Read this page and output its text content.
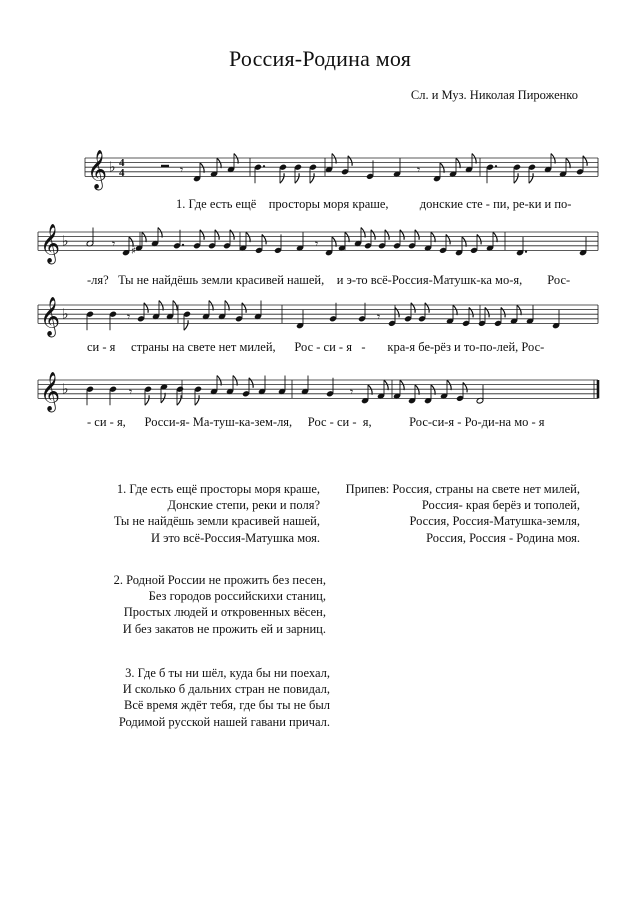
Россия-Родина моя
Сл. и Муз. Николая Пироженко
𝄞 ♭ 4
4	𝄾	𝄾
𝄞 ♭	𝄾	𝄾
𝄞 ♭	𝄾	𝄾
𝄞 ♭	𝄾	𝄾
♯
1. Где есть ещё    просторы моря краше,          донские сте - пи, ре-ки и по-
-ля?   Ты не найдёшь земли красивей нашей,    и э-то всё-Россия-Матушк-ка мо-я,        Рос-
си - я     страны на свете нет милей,      Рос - си - я   -       кра-я бе-рёз и то-по-лей, Рос-
- си - я,      Росси-я- Ма-туш-ка-зем-ля,     Рос - си -  я,            Рос-си-я - Ро-ди-на мо - я

1. Где есть ещё просторы моря краше,

Донские степи, реки и поля?

Ты не найдёшь земли красивей нашей,

И это всё-Россия-Матушка моя.

Припев: Россия, страны на свете нет милей,

Россия- края берёз и тополей,

Россия, Россия-Матушка-земля,

Россия, Россия - Родина моя.

2. Родной России не прожить без песен,

Без городов российскихи станиц,

Простых людей и откровенных вёсен,

И без закатов не прожить ей и зарниц.

3. Где б ты ни шёл, куда бы ни поехал,

И сколько б дальних стран не повидал,

Всё время ждёт тебя, где бы ты не был

Родимой русской нашей гавани причал.
